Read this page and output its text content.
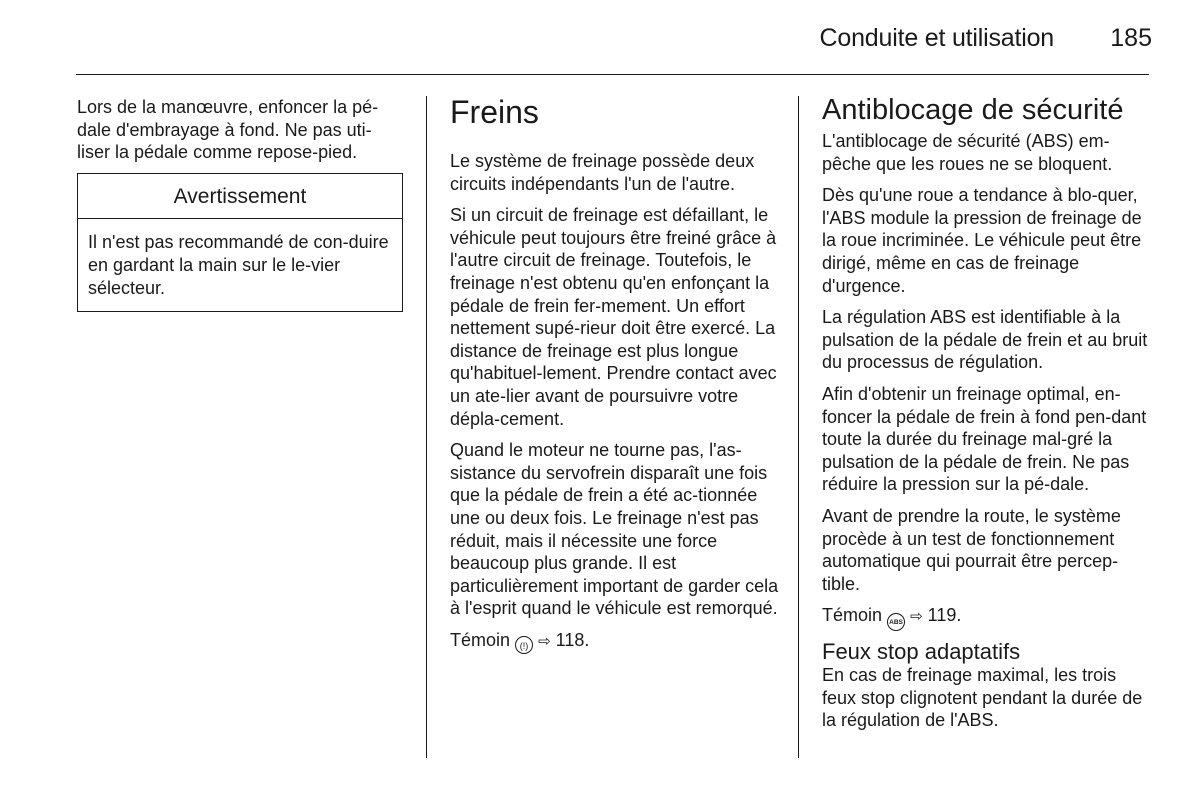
Conduite et utilisation 185

Lors de la manœuvre, enfoncer la pé-dale d'embrayage à fond. Ne pas uti-liser la pédale comme repose-pied.

Avertissement
Il n'est pas recommandé de con-duire en gardant la main sur le le-vier sélecteur.
Freins

Le système de freinage possède deux circuits indépendants l'un de l'autre.

Si un circuit de freinage est défaillant, le véhicule peut toujours être freiné grâce à l'autre circuit de freinage. Toutefois, le freinage n'est obtenu qu'en enfonçant la pédale de frein fer-mement. Un effort nettement supé-rieur doit être exercé. La distance de freinage est plus longue qu'habituel-lement. Prendre contact avec un ate-lier avant de poursuivre votre dépla-cement.

Quand le moteur ne tourne pas, l'as-sistance du servofrein disparaît une fois que la pédale de frein a été ac-tionnée une ou deux fois. Le freinage n'est pas réduit, mais il nécessite une force beaucoup plus grande. Il est particulièrement important de garder cela à l'esprit quand le véhicule est remorqué.

Témoin (!) ⇨ 118.

Antiblocage de sécurité

L'antiblocage de sécurité (ABS) em-pêche que les roues ne se bloquent.

Dès qu'une roue a tendance à blo-quer, l'ABS module la pression de freinage de la roue incriminée. Le véhicule peut être dirigé, même en cas de freinage d'urgence.

La régulation ABS est identifiable à la pulsation de la pédale de frein et au bruit du processus de régulation.

Afin d'obtenir un freinage optimal, en-foncer la pédale de frein à fond pen-dant toute la durée du freinage mal-gré la pulsation de la pédale de frein. Ne pas réduire la pression sur la pé-dale.

Avant de prendre la route, le système procède à un test de fonctionnement automatique qui pourrait être percep-tible.

Témoin ABS ⇨ 119.

Feux stop adaptatifs

En cas de freinage maximal, les trois feux stop clignotent pendant la durée de la régulation de l'ABS.
